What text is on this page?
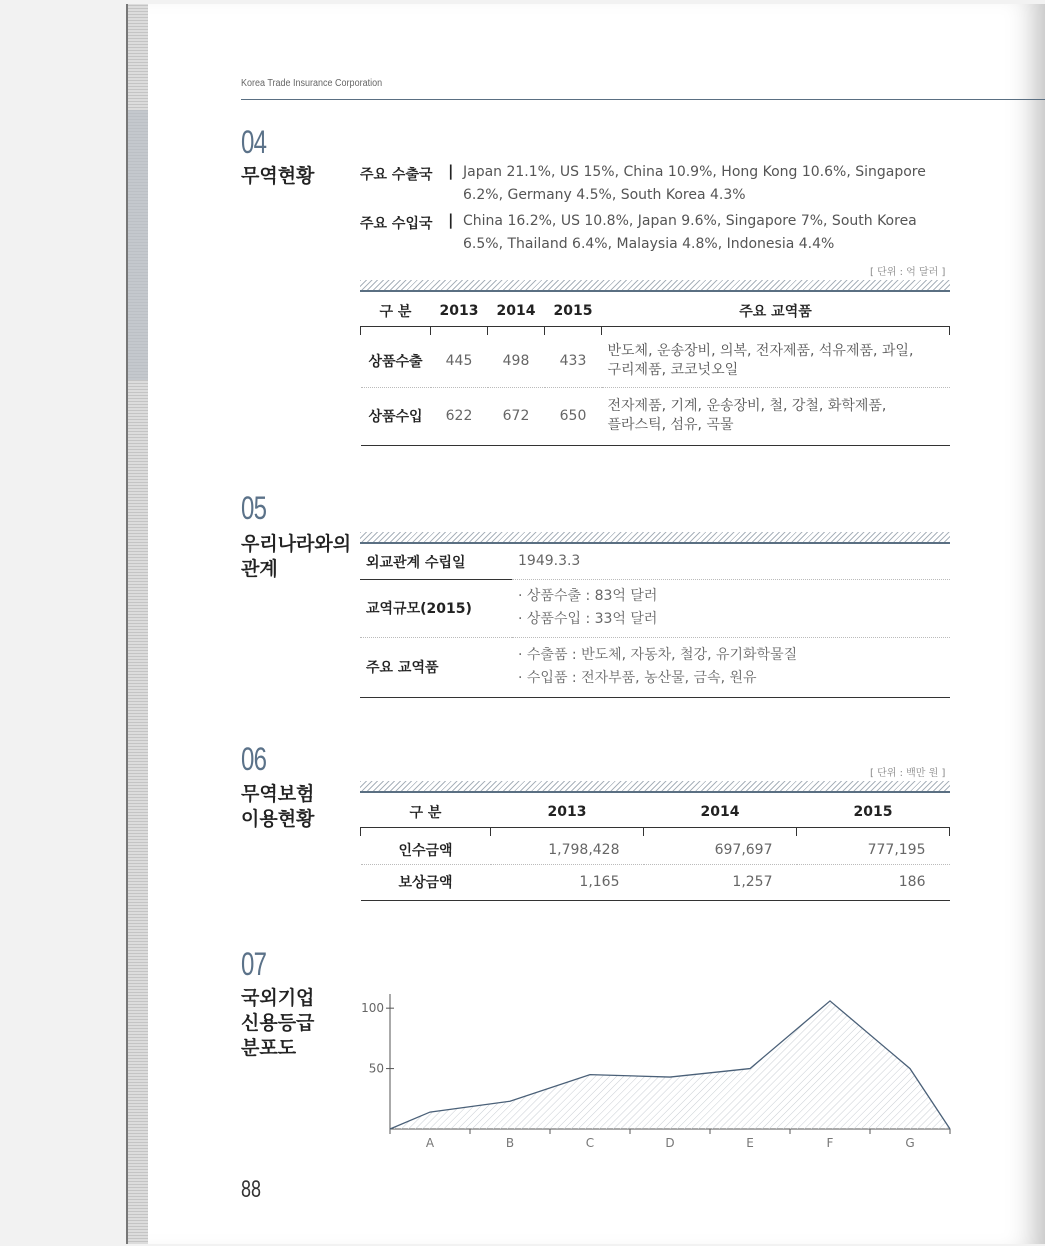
Korea Trade Insurance Corporation
04
무역현황	주요 수출국 | Japan 21.1%, US 15%, China 10.9%, Hong Kong 10.6%, Singapore
6.2%, Germany 4.5%, South Korea 4.3%
주요 수입국 | China 16.2%, US 10.8%, Japan 9.6%, Singapore 7%, South Korea
6.5%, Thailand 6.4%, Malaysia 4.8%, Indonesia 4.4%
[ 단위 : 억 달러 ]
구 분	2013	2014	2015	주요 교역품

상품수출	445	498	433	반도체, 운송장비, 의복, 전자제품, 석유제품, 과일,
구리제품, 코코넛오일

상품수입	622	672	650	전자제품, 기계, 운송장비, 철, 강철, 화학제품,
플라스틱, 섬유, 곡물
05
우리나라와의
관계	외교관계 수립일	1949.3.3

교역규모(2015)	· 상품수출 : 83억 달러
· 상품수입 : 33억 달러

주요 교역품	· 수출품 : 반도체, 자동차, 철강, 유기화학물질
· 수입품 : 전자부품, 농산물, 금속, 원유
06
무역보험
이용현황
[ 단위 : 백만 원 ]
구 분	2013	2014	2015

인수금액	1,798,428	697,697	777,195
보상금액	1,165	1,257	186
07
국외기업
신용등급
분포도
100
50
A	B	C	D	E	F	G
88
